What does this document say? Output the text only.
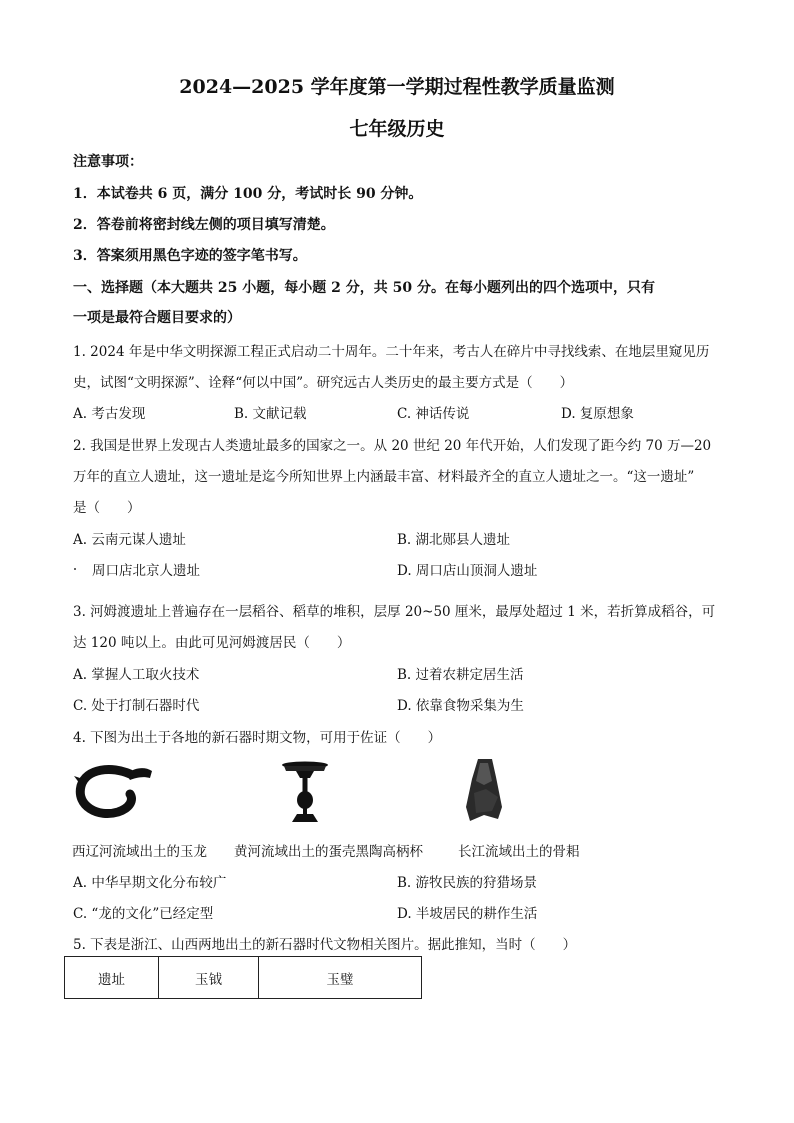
2024—2025 学年度第一学期过程性教学质量监测
七年级历史
注意事项：
1．本试卷共 6 页，满分 100 分，考试时长 90 分钟。
2．答卷前将密封线左侧的项目填写清楚。
3．答案须用黑色字迹的签字笔书写。
一、选择题（本大题共 25 小题，每小题 2 分，共 50 分。在每小题列出的四个选项中，只有
一项是最符合题目要求的）
1. 2024 年是中华文明探源工程正式启动二十周年。二十年来，考古人在碎片中寻找线索、在地层里窥见历
史，试图“文明探源”、诠释“何以中国”。研究远古人类历史的最主要方式是（　　）
A. 考古发现	B. 文献记载	C. 神话传说	D. 复原想象
2. 我国是世界上发现古人类遗址最多的国家之一。从 20 世纪 20 年代开始，人们发现了距今约 70 万—20
万年的直立人遗址，这一遗址是迄今所知世界上内涵最丰富、材料最齐全的直立人遗址之一。“这一遗址”
是（　　）
A. 云南元谋人遗址	B. 湖北郧县人遗址
周口店北京人遗址	D. 周口店山顶洞人遗址
3. 河姆渡遗址上普遍存在一层稻谷、稻草的堆积，层厚 20~50 厘米，最厚处超过 1 米，若折算成稻谷，可
达 120 吨以上。由此可见河姆渡居民（　　）
A. 掌握人工取火技术	B. 过着农耕定居生活
C. 处于打制石器时代	D. 依靠食物采集为生
4. 下图为出土于各地的新石器时期文物，可用于佐证（　　）
西辽河流域出土的玉龙 黄河流域出土的蛋壳黑陶高柄杯	长江流域出土的骨耜
A. 中华早期文化分布较广	B. 游牧民族的狩猎场景
C. “龙的文化”已经定型	D. 半坡居民的耕作生活
5. 下表是浙江、山西两地出土的新石器时代文物相关图片。据此推知，当时（　　）
遗址	玉钺	玉璧
